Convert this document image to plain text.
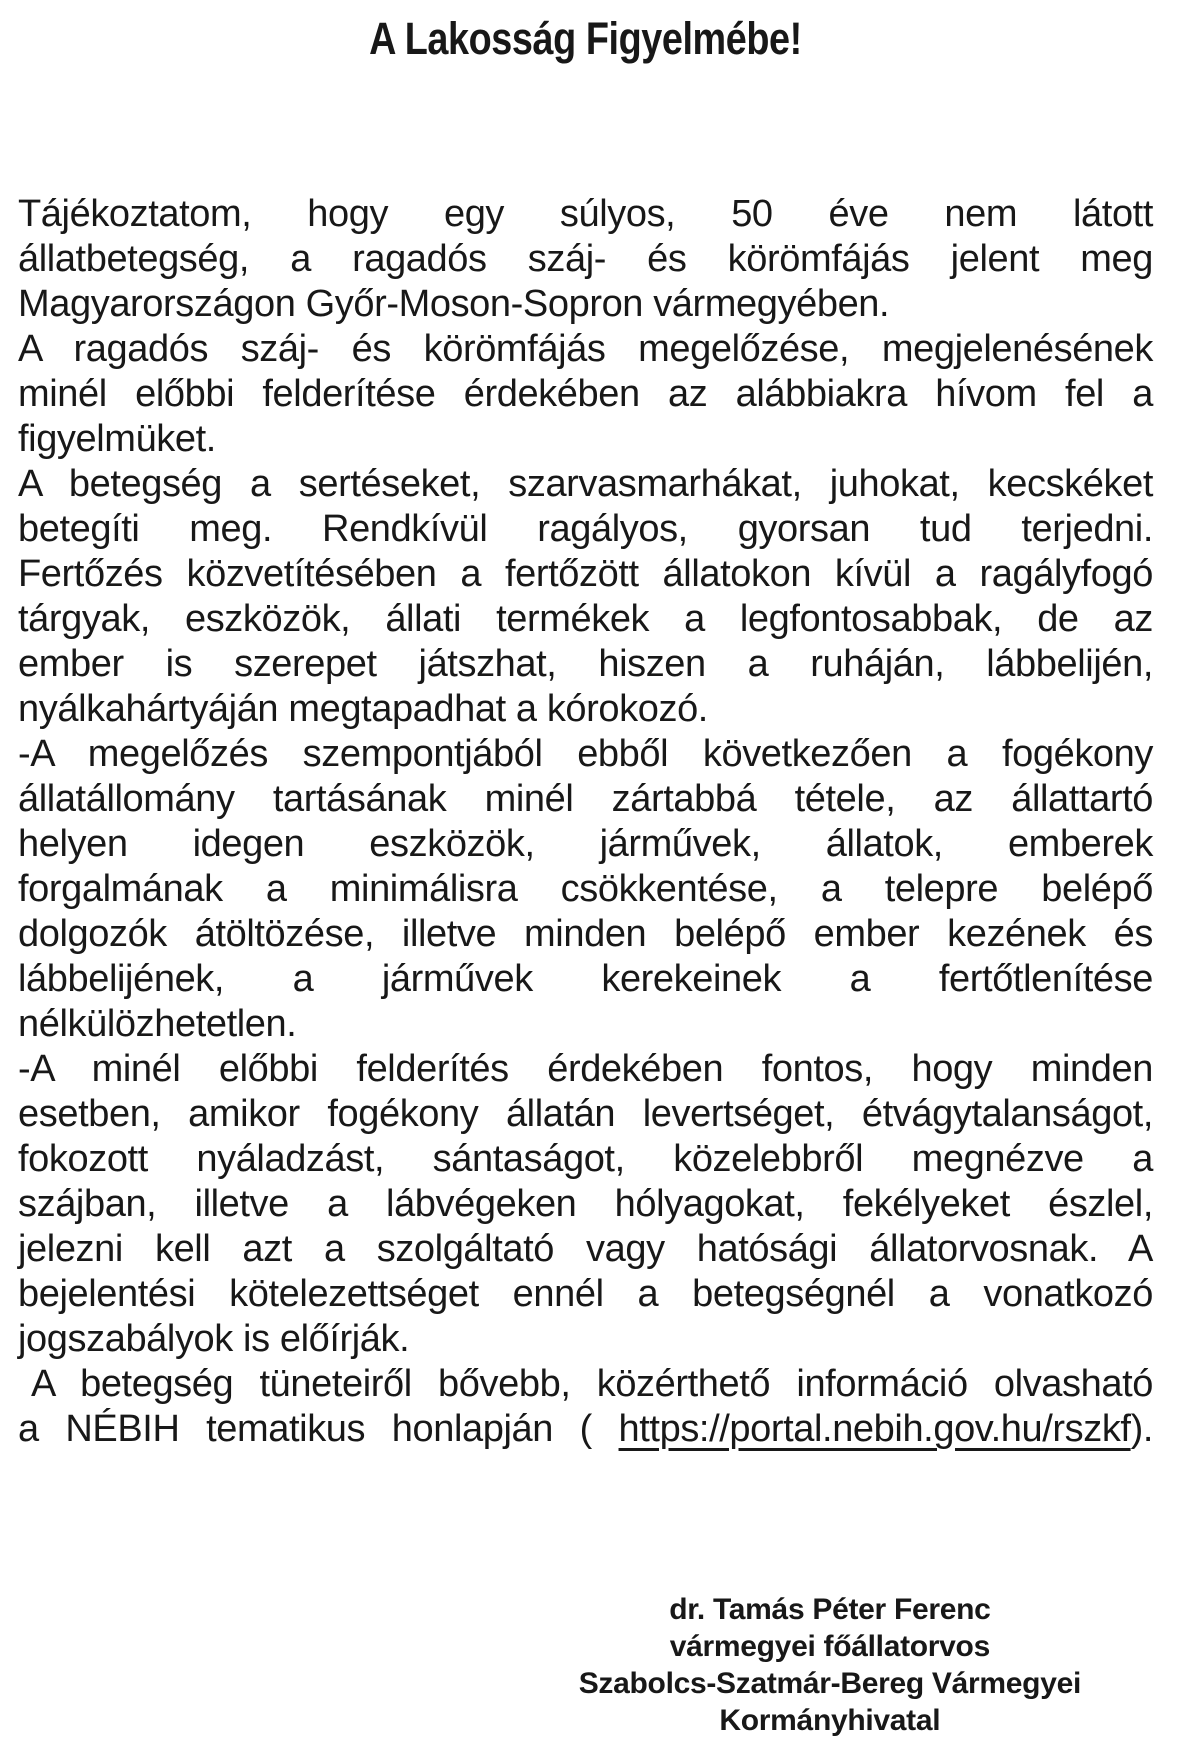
A Lakosság Figyelmébe!
Tájékoztatom, hogy egy súlyos, 50 éve nem látott
állatbetegség, a ragadós száj- és körömfájás jelent meg
Magyarországon Győr-Moson-Sopron vármegyében.
A ragadós száj- és körömfájás megelőzése, megjelenésének
minél előbbi felderítése érdekében az alábbiakra hívom fel a
figyelmüket.
A betegség a sertéseket, szarvasmarhákat, juhokat, kecskéket
betegíti meg. Rendkívül ragályos, gyorsan tud terjedni.
Fertőzés közvetítésében a fertőzött állatokon kívül a ragályfogó
tárgyak, eszközök, állati termékek a legfontosabbak, de az
ember is szerepet játszhat, hiszen a ruháján, lábbelijén,
nyálkahártyáján megtapadhat a kórokozó.
-A megelőzés szempontjából ebből következően a fogékony
állatállomány tartásának minél zártabbá tétele, az állattartó
helyen idegen eszközök, járművek, állatok, emberek
forgalmának a minimálisra csökkentése, a telepre belépő
dolgozók átöltözése, illetve minden belépő ember kezének és
lábbelijének, a járművek kerekeinek a fertőtlenítése
nélkülözhetetlen.
-A minél előbbi felderítés érdekében fontos, hogy minden
esetben, amikor fogékony állatán levertséget, étvágytalanságot,
fokozott nyáladzást, sántaságot, közelebbről megnézve a
szájban, illetve a lábvégeken hólyagokat, fekélyeket észlel,
jelezni kell azt a szolgáltató vagy hatósági állatorvosnak. A
bejelentési kötelezettséget ennél a betegségnél a vonatkozó
jogszabályok is előírják.
A betegség tüneteiről bővebb, közérthető információ olvasható
a NÉBIH tematikus honlapján ( https://portal.nebih.gov.hu/rszkf).
dr. Tamás Péter Ferenc
vármegyei főállatorvos
Szabolcs-Szatmár-Bereg Vármegyei
Kormányhivatal
